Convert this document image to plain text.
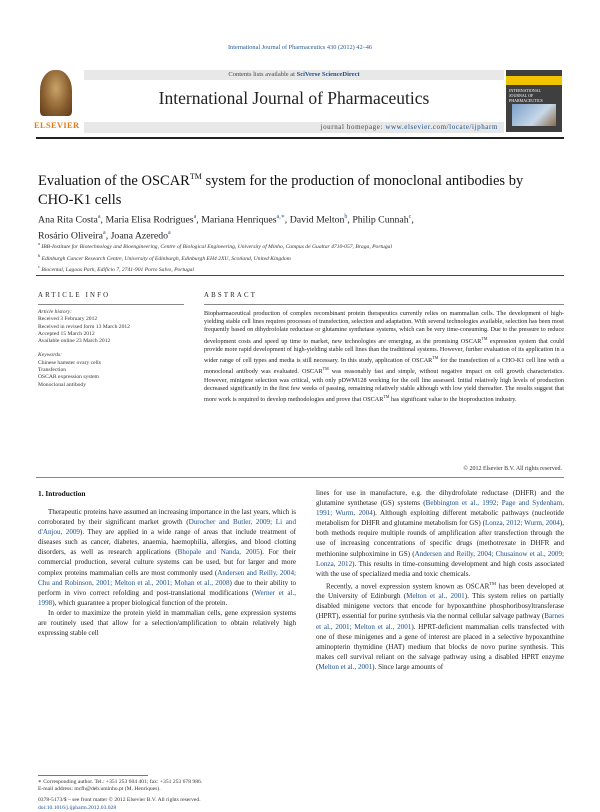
International Journal of Pharmaceutics 430 (2012) 42–46
ELSEVIER
Contents lists available at SciVerse ScienceDirect
International Journal of Pharmaceutics
journal homepage: www.elsevier.com/locate/ijpharm
INTERNATIONAL JOURNAL OF PHARMACEUTICS
Evaluation of the OSCAR™ system for the production of monoclonal antibodies by CHO-K1 cells
Ana Rita Costa$^a$, Maria Elisa Rodrigues$^a$, Mariana Henriques$^{a,∗}$, David Melton$^b$, Philip Cunnah$^c$,
Rosário Oliveira$^a$, Joana Azeredo$^a$
$^a$ IBB-Institute for Biotechnology and Bioengineering, Centre of Biological Engineering, University of Minho, Campus de Gualtar 4710-057, Braga, Portugal
$^b$ Edinburgh Cancer Research Centre, University of Edinburgh, Edinburgh EH4 2XU, Scotland, United Kingdom
$^c$ Biocental, Lagoas Park, Edifício 7, 2741-901 Porto Salvo, Portugal
ARTICLE INFO	ABSTRACT
Article history:
Received 3 February 2012
Received in revised form 13 March 2012
Accepted 15 March 2012
Available online 23 March 2012
Keywords:
Chinese hamster ovary cells
Transfection
OSCAR expression system
Monoclonal antibody
Biopharmaceutical production of complex recombinant protein therapeutics currently relies on mammalian cells. The development of high-yielding stable cell lines requires processes of transfection, selection and adaptation. With several technologies available, selection has been most frequently based on dihydrofolate reductase or glutamine synthetase systems, which can be very time-consuming. Due to the pressure to reduce development costs and speed up time to market, new technologies are emerging, as the promising OSCAR™ expression system that could provide more rapid development of high-yielding stable cell lines than the traditional systems. However, further evaluation of its application in a wider range of cell types and media is still necessary. In this study, application of OSCAR™ for the transfection of a CHO-K1 cell line with a monoclonal antibody was evaluated. OSCAR™ was reasonably fast and simple, without negative impact on cell growth characteristics. However, minigene selection was critical, with only pDWM128 working for the cell line assessed. Initial relatively high levels of production decreased significantly in the first few weeks of passing, remaining relatively stable although with low yield thereafter. The results suggest that more work is required to develop methodologies and prove that OSCAR™ has significant value to the bioproduction industry.
© 2012 Elsevier B.V. All rights reserved.
1. Introduction

Therapeutic proteins have assumed an increasing importance in the last years, which is corroborated by their significant market growth (Durocher and Butler, 2009; Li and d'Anjou, 2009). They are applied in a wide range of areas that include treatment of diseases such as cancer, diabetes, anaemia, haemophilia, allergies, and blood clotting disorders, as well as research applications (Bhopale and Nanda, 2005). For their commercial production, several culture systems can be used, but for larger and more complex proteins mammalian cells are most commonly used (Andersen and Reilly, 2004; Chu and Robinson, 2001; Melton et al., 2001; Mohan et al., 2008) due to their ability to perform in vivo correct refolding and post-translational modifications (Werner et al., 1998), which guarantee a proper biological function of the protein.

In order to maximize the protein yield in mammalian cells, gene expression systems are routinely used that allow for a selection/amplification to obtain relatively high expressing stable cell

lines for use in manufacture, e.g. the dihydrofolate reductase (DHFR) and the glutamine synthetase (GS) systems (Bebbington et al., 1992; Page and Sydenham, 1991; Wurm, 2004). Although exploiting different metabolic pathways (nucleotide metabolism for DHFR and glutamine metabolism for GS) (Lonza, 2012; Wurm, 2004), both methods require multiple rounds of amplification after transfection through the use of increasing concentrations of specific drugs (methotrexate in DHFR and methionine sulphoximine in GS) (Andersen and Reilly, 2004; Chusainow et al., 2009; Lonza, 2012). This results in time-consuming development and high costs associated with the use of specialized media and toxic chemicals.

Recently, a novel expression system known as OSCAR™ has been developed at the University of Edinburgh (Melton et al., 2001). This system relies on partially disabled minigene vectors that encode for hypoxanthine phosphoribosyltransferase (HPRT), essential for purine synthesis via the normal cellular salvage pathway (Barnes et al., 2001; Melton et al., 2001). HPRT-deficient mammalian cells transfected with one of these minigenes and a gene of interest are placed in a selective hypoxanthine aminopterin thymidine (HAT) medium that blocks de novo purine synthesis. This makes cell survival reliant on the salvage pathway using a disabled HPRT enzyme (Melton et al., 2001). Since large amounts of

∗ Corresponding author. Tel.: +351 253 604 401; fax: +351 253 678 986.
E-mail address: mcfh@deb.uminho.pt (M. Henriques).
0378-5173/$ – see front matter © 2012 Elsevier B.V. All rights reserved.
doi:10.1016/j.ijpharm.2012.03.028
